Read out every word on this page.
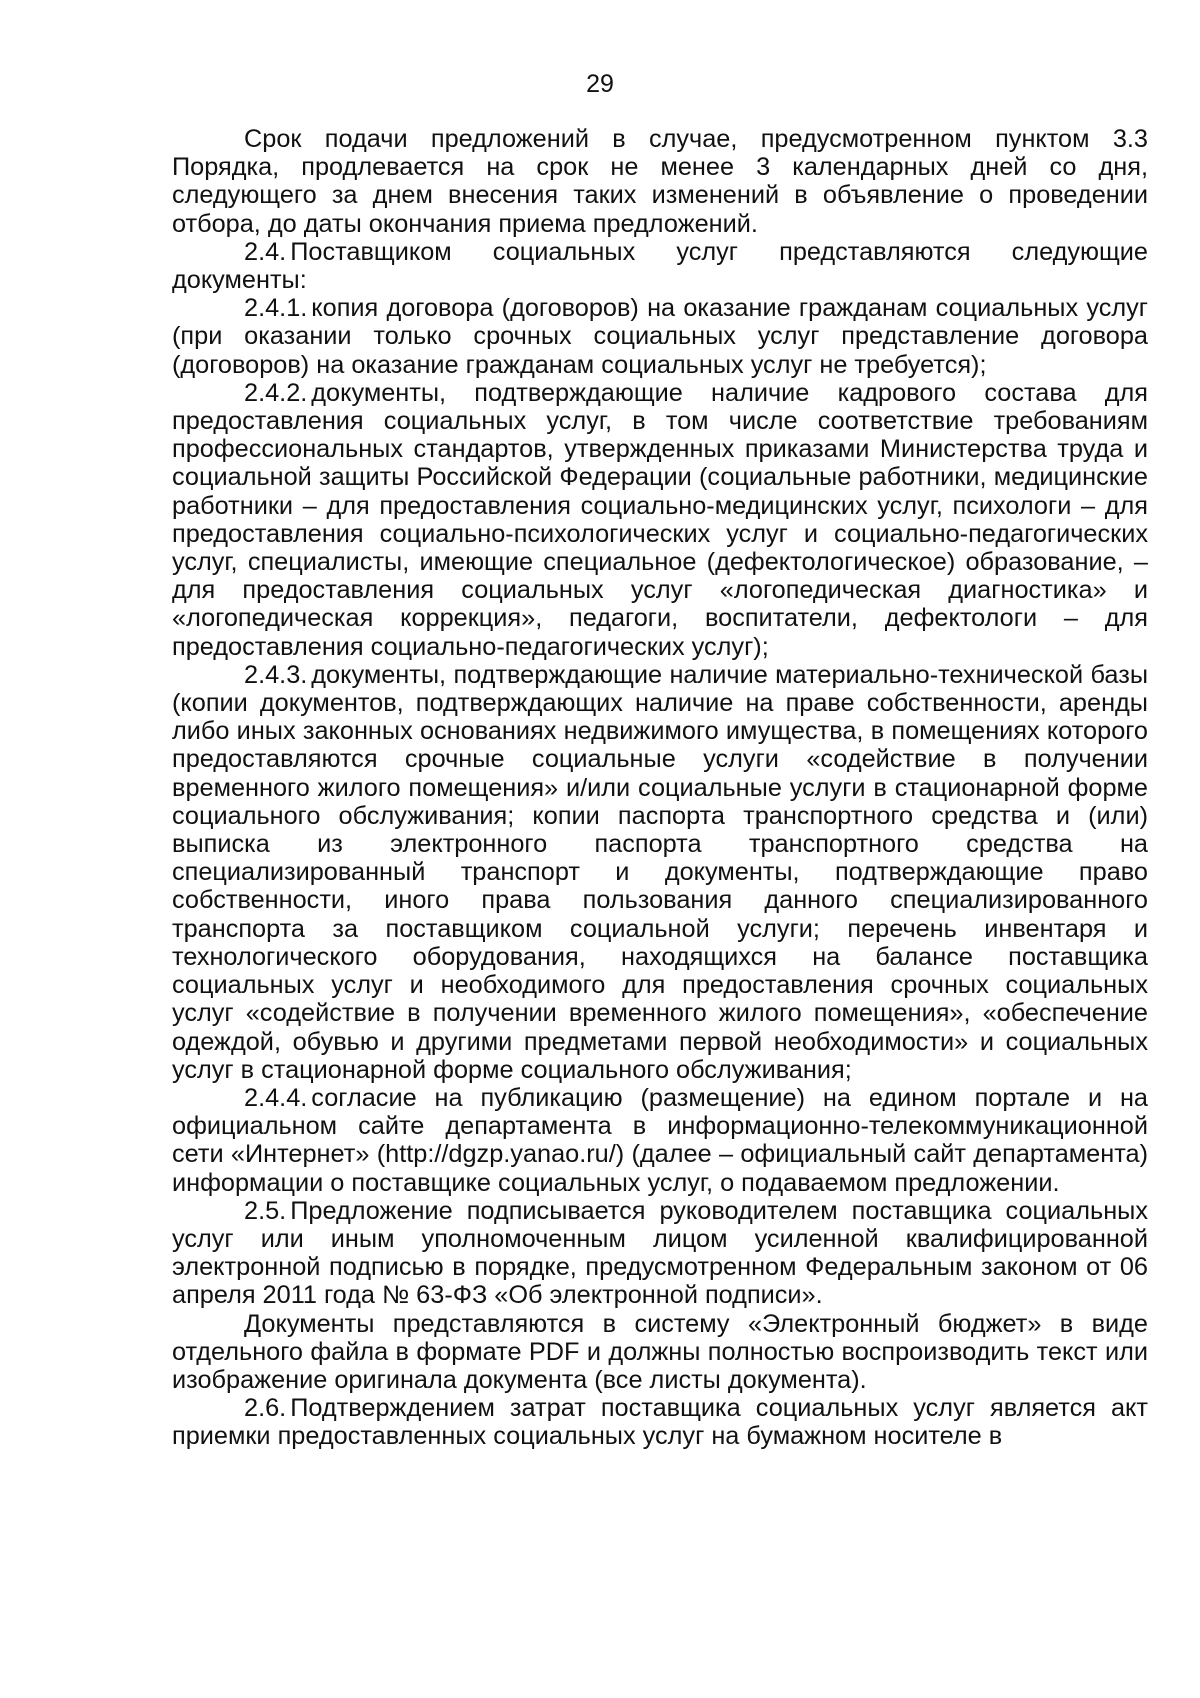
29

Срок подачи предложений в случае, предусмотренном пунктом 3.3 Порядка, продлевается на срок не менее 3 календарных дней со дня, следующего за днем внесения таких изменений в объявление о проведении отбора, до даты окончания приема предложений.

2.4. Поставщиком социальных услуг представляются следующие документы:

2.4.1. копия договора (договоров) на оказание гражданам социальных услуг (при оказании только срочных социальных услуг представление договора (договоров) на оказание гражданам социальных услуг не требуется);

2.4.2. документы, подтверждающие наличие кадрового состава для предоставления социальных услуг, в том числе соответствие требованиям профессиональных стандартов, утвержденных приказами Министерства труда и социальной защиты Российской Федерации (социальные работники, медицинские работники – для предоставления социально-медицинских услуг, психологи – для предоставления социально-психологических услуг и социально-педагогических услуг, специалисты, имеющие специальное (дефектологическое) образование, – для предоставления социальных услуг «логопедическая диагностика» и «логопедическая коррекция», педагоги, воспитатели, дефектологи – для предоставления социально-педагогических услуг);

2.4.3. документы, подтверждающие наличие материально-технической базы (копии документов, подтверждающих наличие на праве собственности, аренды либо иных законных основаниях недвижимого имущества, в помещениях которого предоставляются срочные социальные услуги «содействие в получении временного жилого помещения» и/или социальные услуги в стационарной форме социального обслуживания; копии паспорта транспортного средства и (или) выписка из электронного паспорта транспортного средства на специализированный транспорт и документы, подтверждающие право собственности, иного права пользования данного специализированного транспорта за поставщиком социальной услуги; перечень инвентаря и технологического оборудования, находящихся на балансе поставщика социальных услуг и необходимого для предоставления срочных социальных услуг «содействие в получении временного жилого помещения», «обеспечение одеждой, обувью и другими предметами первой необходимости» и социальных услуг в стационарной форме социального обслуживания;

2.4.4. согласие на публикацию (размещение) на едином портале и на официальном сайте департамента в информационно-телекоммуникационной сети «Интернет» (http://dgzp.yanao.ru/) (далее – официальный сайт департамента) информации о поставщике социальных услуг, о подаваемом предложении.

2.5. Предложение подписывается руководителем поставщика социальных услуг или иным уполномоченным лицом усиленной квалифицированной электронной подписью в порядке, предусмотренном Федеральным законом от 06 апреля 2011 года № 63-ФЗ «Об электронной подписи».

Документы представляются в систему «Электронный бюджет» в виде отдельного файла в формате PDF и должны полностью воспроизводить текст или изображение оригинала документа (все листы документа).

2.6. Подтверждением затрат поставщика социальных услуг является акт приемки предоставленных социальных услуг на бумажном носителе в
